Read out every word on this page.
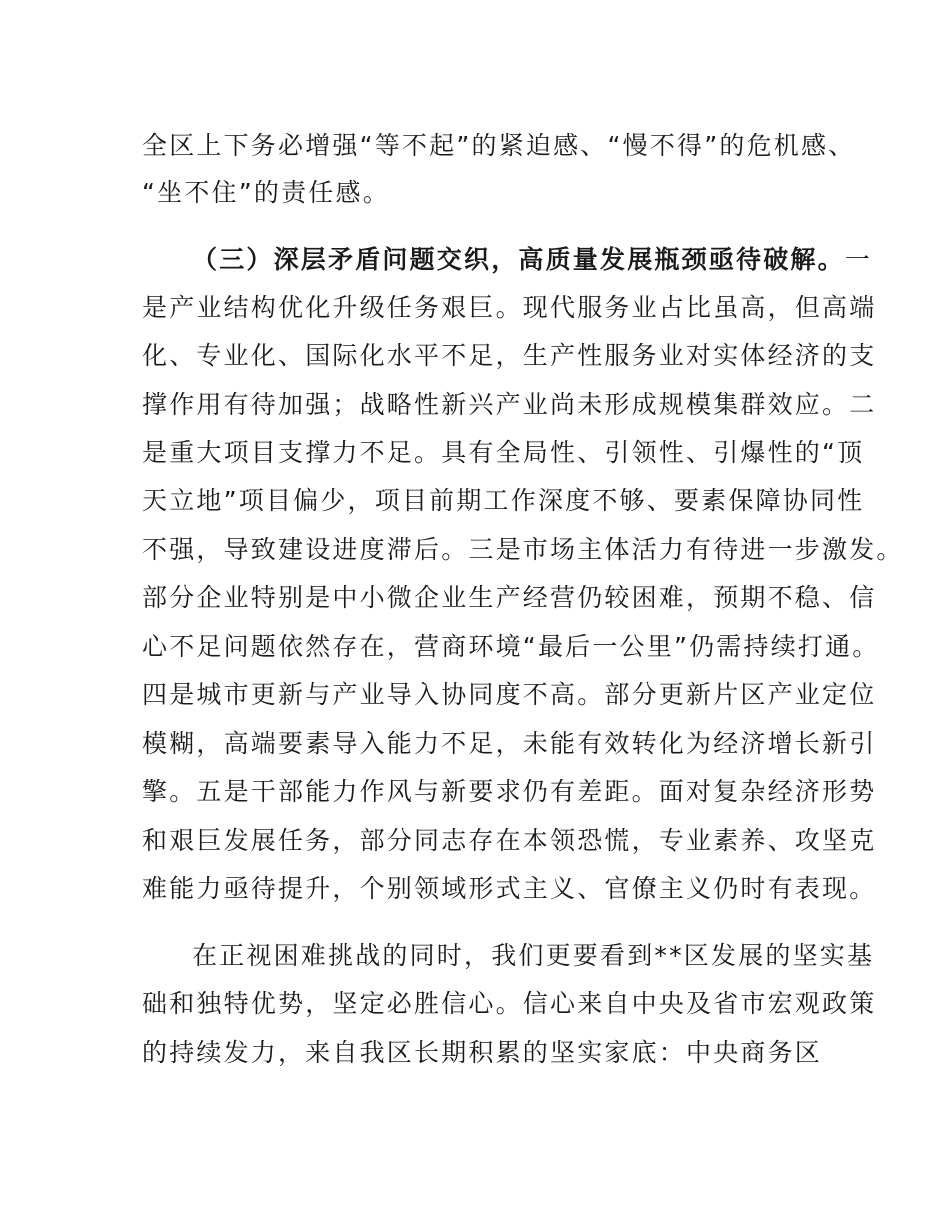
全区上下务必增强“等不起”的紧迫感、“慢不得”的危机感、
“坐不住”的责任感。
（三）深层矛盾问题交织，高质量发展瓶颈亟待破解。一
是产业结构优化升级任务艰巨。现代服务业占比虽高，但高端
化、专业化、国际化水平不足，生产性服务业对实体经济的支
撑作用有待加强；战略性新兴产业尚未形成规模集群效应。二
是重大项目支撑力不足。具有全局性、引领性、引爆性的“顶
天立地”项目偏少，项目前期工作深度不够、要素保障协同性
不强，导致建设进度滞后。三是市场主体活力有待进一步激发。
部分企业特别是中小微企业生产经营仍较困难，预期不稳、信
心不足问题依然存在，营商环境“最后一公里”仍需持续打通。
四是城市更新与产业导入协同度不高。部分更新片区产业定位
模糊，高端要素导入能力不足，未能有效转化为经济增长新引
擎。五是干部能力作风与新要求仍有差距。面对复杂经济形势
和艰巨发展任务，部分同志存在本领恐慌，专业素养、攻坚克
难能力亟待提升，个别领域形式主义、官僚主义仍时有表现。
在正视困难挑战的同时，我们更要看到**区发展的坚实基
础和独特优势，坚定必胜信心。信心来自中央及省市宏观政策
的持续发力，来自我区长期积累的坚实家底：中央商务区
